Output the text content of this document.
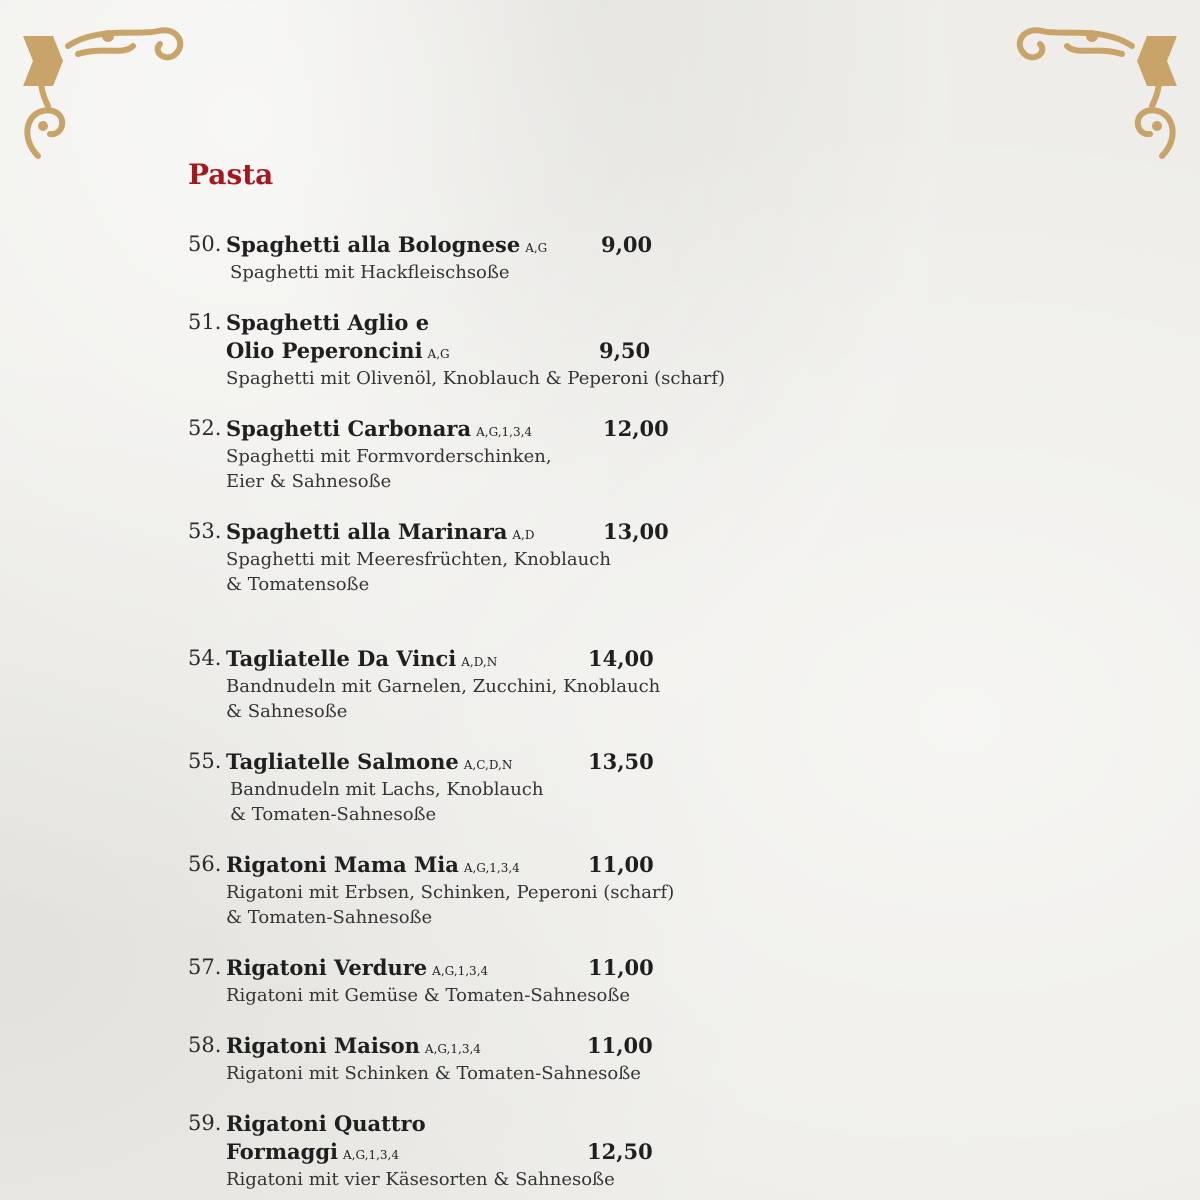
Pasta
50. Spaghetti alla Bolognese A,G	9,00
Spaghetti mit Hackfleischsoße
51. Spaghetti Aglio e
Olio Peperoncini A,G	9,50
Spaghetti mit Olivenöl, Knoblauch & Peperoni (scharf)
52. Spaghetti Carbonara A,G,1,3,4	12,00
Spaghetti mit Formvorderschinken,
Eier & Sahnesoße
53. Spaghetti alla Marinara A,D	13,00
Spaghetti mit Meeresfrüchten, Knoblauch
& Tomatensoße
54. Tagliatelle Da Vinci A,D,N	14,00
Bandnudeln mit Garnelen, Zucchini, Knoblauch
& Sahnesoße
55. Tagliatelle Salmone A,C,D,N	13,50
Bandnudeln mit Lachs, Knoblauch
& Tomaten-Sahnesoße
56. Rigatoni Mama Mia A,G,1,3,4	11,00
Rigatoni mit Erbsen, Schinken, Peperoni (scharf)
& Tomaten-Sahnesoße
57. Rigatoni Verdure A,G,1,3,4	11,00
Rigatoni mit Gemüse & Tomaten-Sahnesoße
58. Rigatoni Maison A,G,1,3,4	11,00
Rigatoni mit Schinken & Tomaten-Sahnesoße
59. Rigatoni Quattro
Formaggi A,G,1,3,4	12,50
Rigatoni mit vier Käsesorten & Sahnesoße
